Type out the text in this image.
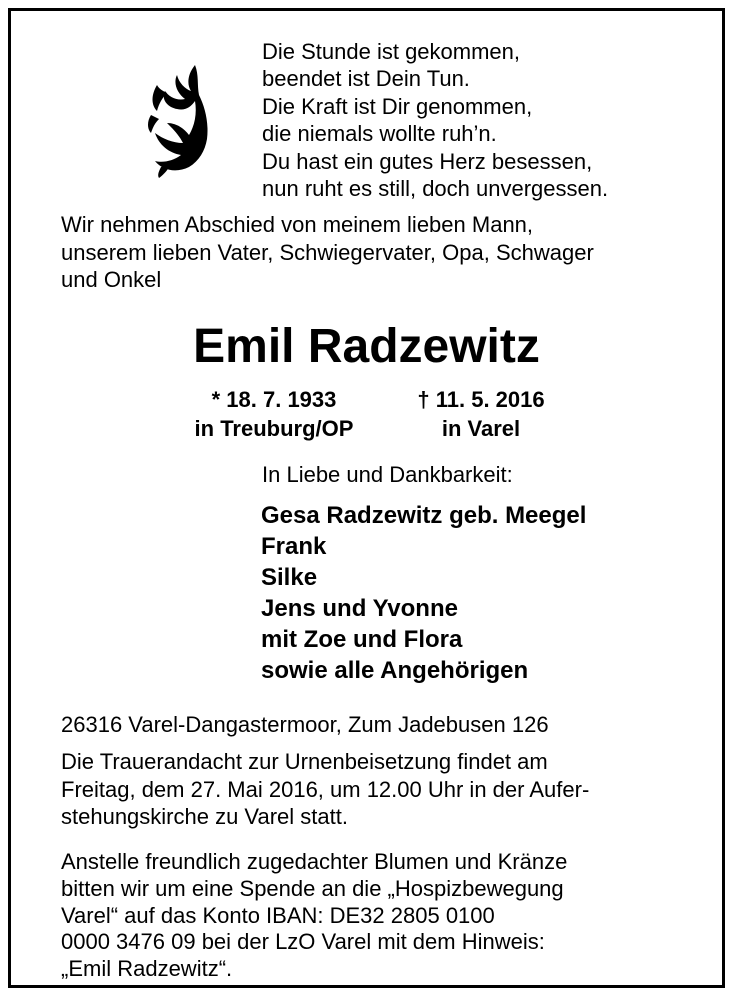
Die Stunde ist gekommen,
beendet ist Dein Tun.
Die Kraft ist Dir genommen,
die niemals wollte ruh’n.
Du hast ein gutes Herz besessen,
nun ruht es still, doch unvergessen.
Wir nehmen Abschied von meinem lieben Mann,
unserem lieben Vater, Schwiegervater, Opa, Schwager
und Onkel
Emil Radzewitz
* 18. 7. 1933
in Treuburg/OP
† 11. 5. 2016
in Varel
In Liebe und Dankbarkeit:
Gesa Radzewitz geb. Meegel
Frank
Silke
Jens und Yvonne
mit Zoe und Flora
sowie alle Angehörigen
26316 Varel-Dangastermoor, Zum Jadebusen 126
Die Trauerandacht zur Urnenbeisetzung findet am
Freitag, dem 27. Mai 2016, um 12.00 Uhr in der Aufer-
stehungskirche zu Varel statt.
Anstelle freundlich zugedachter Blumen und Kränze
bitten wir um eine Spende an die „Hospizbewegung
Varel“ auf das Konto IBAN: DE32 2805 0100
0000 3476 09 bei der LzO Varel mit dem Hinweis:
„Emil Radzewitz“.
